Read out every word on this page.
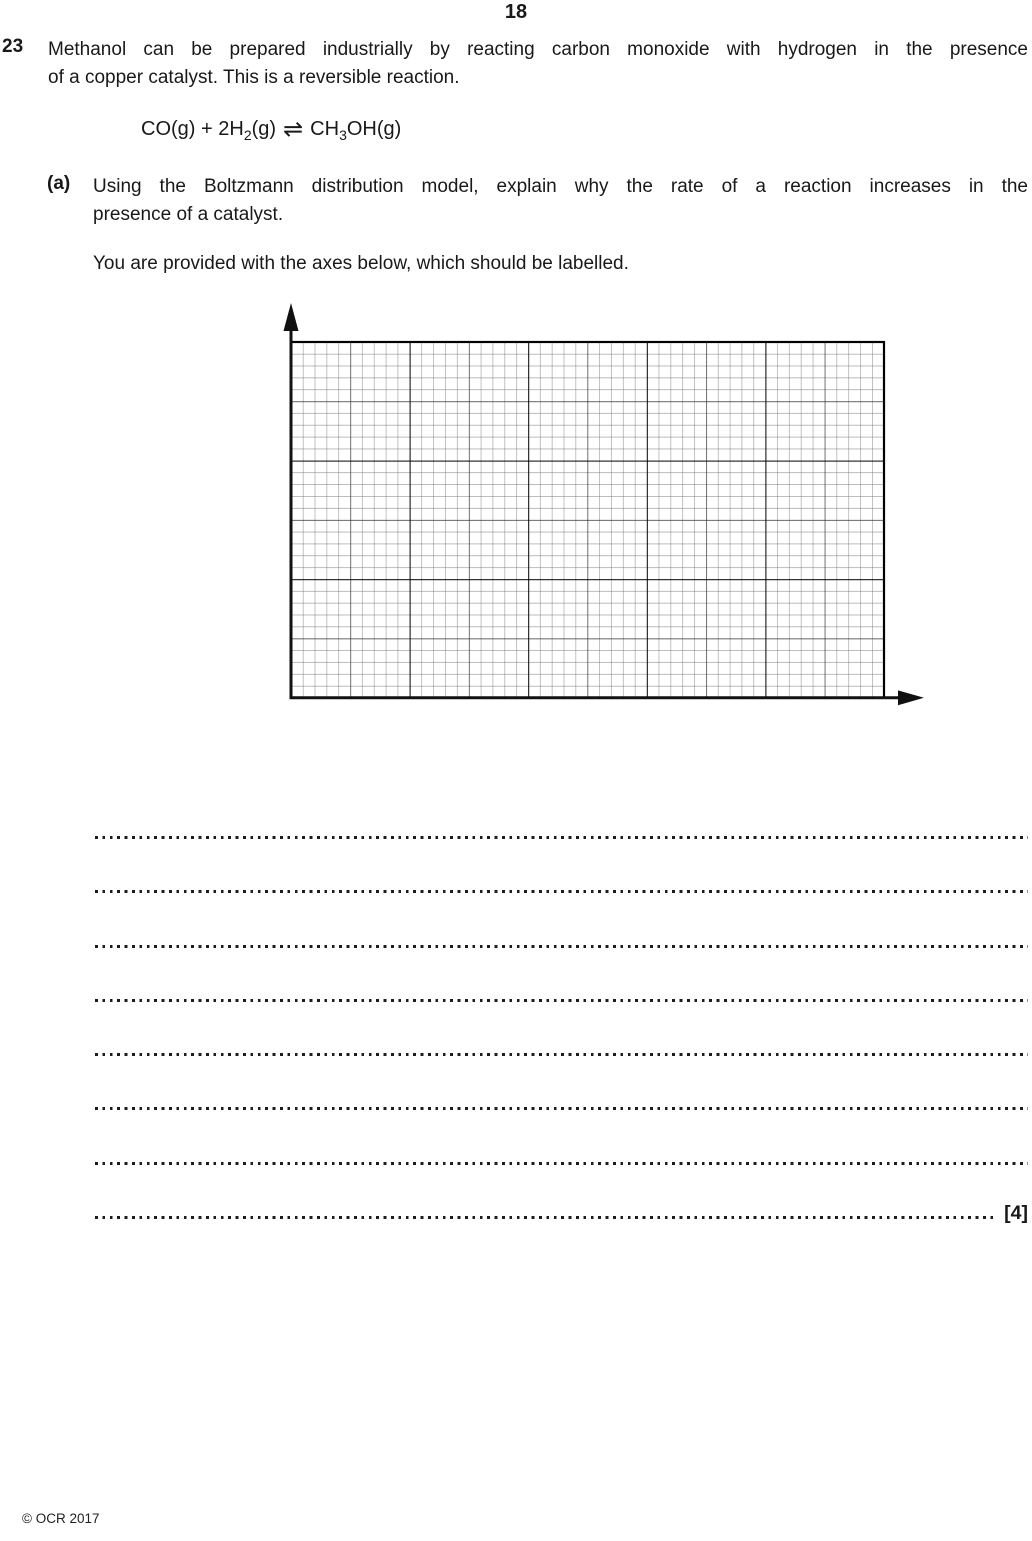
18
23 Methanol can be prepared industrially by reacting carbon monoxide with hydrogen in the presence
of a copper catalyst. This is a reversible reaction.
$CO(g) + 2H_2(g)$ ⇌ $CH_3OH(g)$
(a) Using the Boltzmann distribution model, explain why the rate of a reaction increases in the
presence of a catalyst.
You are provided with the axes below, which should be labelled.
[4]
© OCR 2017
